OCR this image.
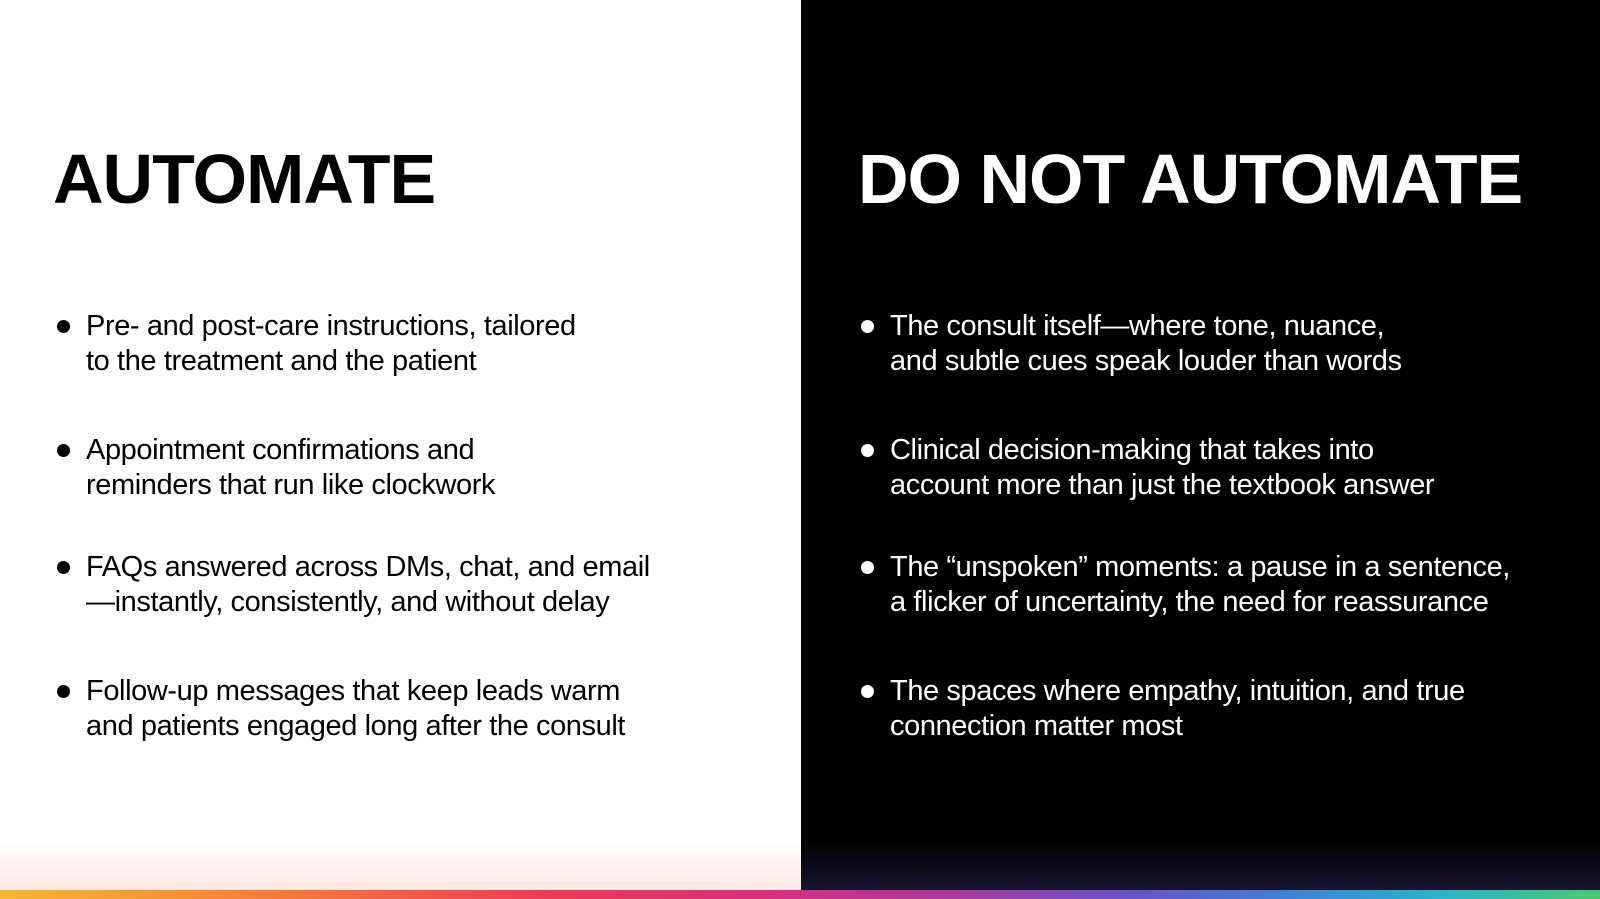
AUTOMATE
Pre- and post-care instructions, tailored
to the treatment and the patient
Appointment confirmations and
reminders that run like clockwork
FAQs answered across DMs, chat, and email
—instantly, consistently, and without delay
Follow-up messages that keep leads warm
and patients engaged long after the consult
DO NOT AUTOMATE
The consult itself—where tone, nuance,
and subtle cues speak louder than words
Clinical decision-making that takes into
account more than just the textbook answer
The “unspoken” moments: a pause in a sentence,
a flicker of uncertainty, the need for reassurance
The spaces where empathy, intuition, and true
connection matter most
